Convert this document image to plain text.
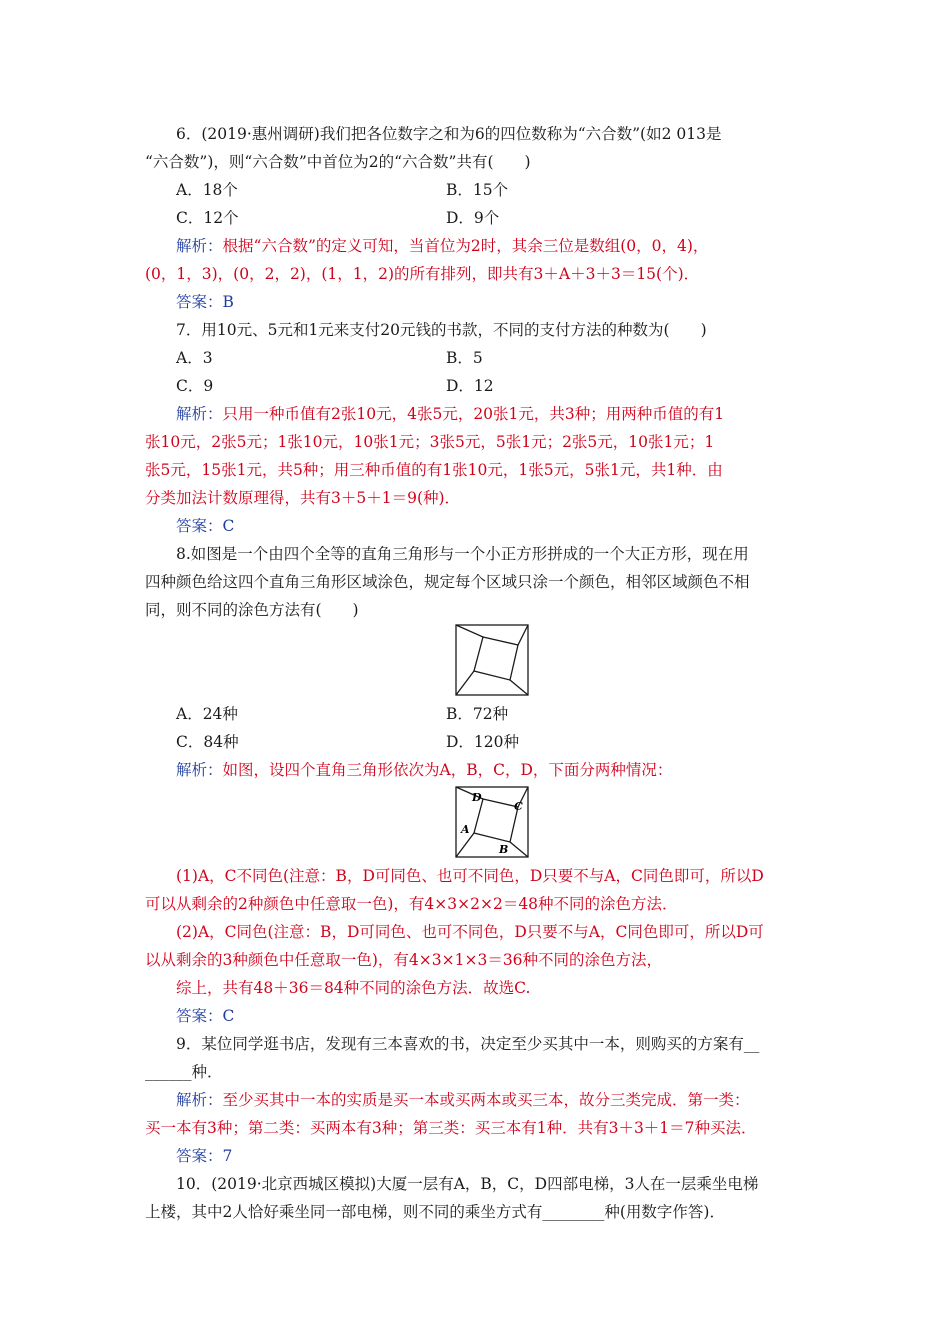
6．(2019·惠州调研)我们把各位数字之和为6的四位数称为“六合数”(如2 013是
“六合数”)，则“六合数”中首位为2的“六合数”共有(　　)
A．18个	B．15个
C．12个	D．9个
解析：根据“六合数”的定义可知，当首位为2时，其余三位是数组(0，0，4)，
(0，1，3)，(0，2，2)，(1，1，2)的所有排列，即共有3＋A＋3＋3＝15(个)．
答案：B
7．用10元、5元和1元来支付20元钱的书款，不同的支付方法的种数为(　　)
A．3	B．5
C．9	D．12
解析：只用一种币值有2张10元，4张5元，20张1元，共3种；用两种币值的有1
张10元，2张5元；1张10元，10张1元；3张5元，5张1元；2张5元，10张1元；1
张5元，15张1元，共5种；用三种币值的有1张10元，1张5元，5张1元，共1种．由
分类加法计数原理得，共有3＋5＋1＝9(种)．
答案：C
8.如图是一个由四个全等的直角三角形与一个小正方形拼成的一个大正方形，现在用
四种颜色给这四个直角三角形区域涂色，规定每个区域只涂一个颜色，相邻区域颜色不相
同，则不同的涂色方法有(　　)
A．24种	B．72种
C．84种	D．120种
解析：如图，设四个直角三角形依次为A，B，C，D，下面分两种情况：
D
C
A
B
(1)A，C不同色(注意：B，D可同色、也可不同色，D只要不与A，C同色即可，所以D
可以从剩余的2种颜色中任意取一色)，有4×3×2×2＝48种不同的涂色方法．
(2)A，C同色(注意：B，D可同色、也可不同色，D只要不与A，C同色即可，所以D可
以从剩余的3种颜色中任意取一色)，有4×3×1×3＝36种不同的涂色方法，
综上，共有48＋36＝84种不同的涂色方法．故选C.
答案：C
9．某位同学逛书店，发现有三本喜欢的书，决定至少买其中一本，则购买的方案有__
______种．
解析：至少买其中一本的实质是买一本或买两本或买三本，故分三类完成．第一类：
买一本有3种；第二类：买两本有3种；第三类：买三本有1种．共有3＋3＋1＝7种买法．
答案：7
10．(2019·北京西城区模拟)大厦一层有A，B，C，D四部电梯，3人在一层乘坐电梯
上楼，其中2人恰好乘坐同一部电梯，则不同的乘坐方式有________种(用数字作答)．
